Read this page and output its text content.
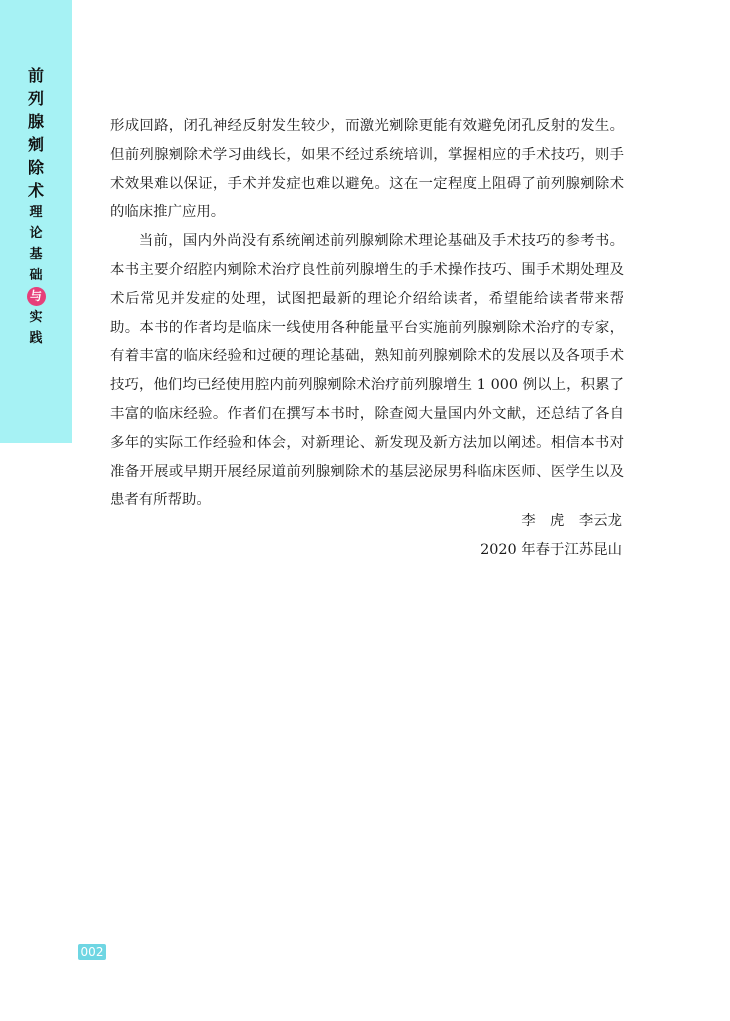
前
列
腺
剜
除
术
理
论
基
础
与
实
践

形成回路，闭孔神经反射发生较少，而激光剜除更能有效避免闭孔反射的发生。但前列腺剜除术学习曲线长，如果不经过系统培训，掌握相应的手术技巧，则手术效果难以保证，手术并发症也难以避免。这在一定程度上阻碍了前列腺剜除术的临床推广应用。

当前，国内外尚没有系统阐述前列腺剜除术理论基础及手术技巧的参考书。本书主要介绍腔内剜除术治疗良性前列腺增生的手术操作技巧、围手术期处理及术后常见并发症的处理，试图把最新的理论介绍给读者，希望能给读者带来帮助。本书的作者均是临床一线使用各种能量平台实施前列腺剜除术治疗的专家，有着丰富的临床经验和过硬的理论基础，熟知前列腺剜除术的发展以及各项手术技巧，他们均已经使用腔内前列腺剜除术治疗前列腺增生 1 000 例以上，积累了丰富的临床经验。作者们在撰写本书时，除查阅大量国内外文献，还总结了各自多年的实际工作经验和体会，对新理论、新发现及新方法加以阐述。相信本书对准备开展或早期开展经尿道前列腺剜除术的基层泌尿男科临床医师、医学生以及患者有所帮助。

李　虎　李云龙
2020 年春于江苏昆山
002
